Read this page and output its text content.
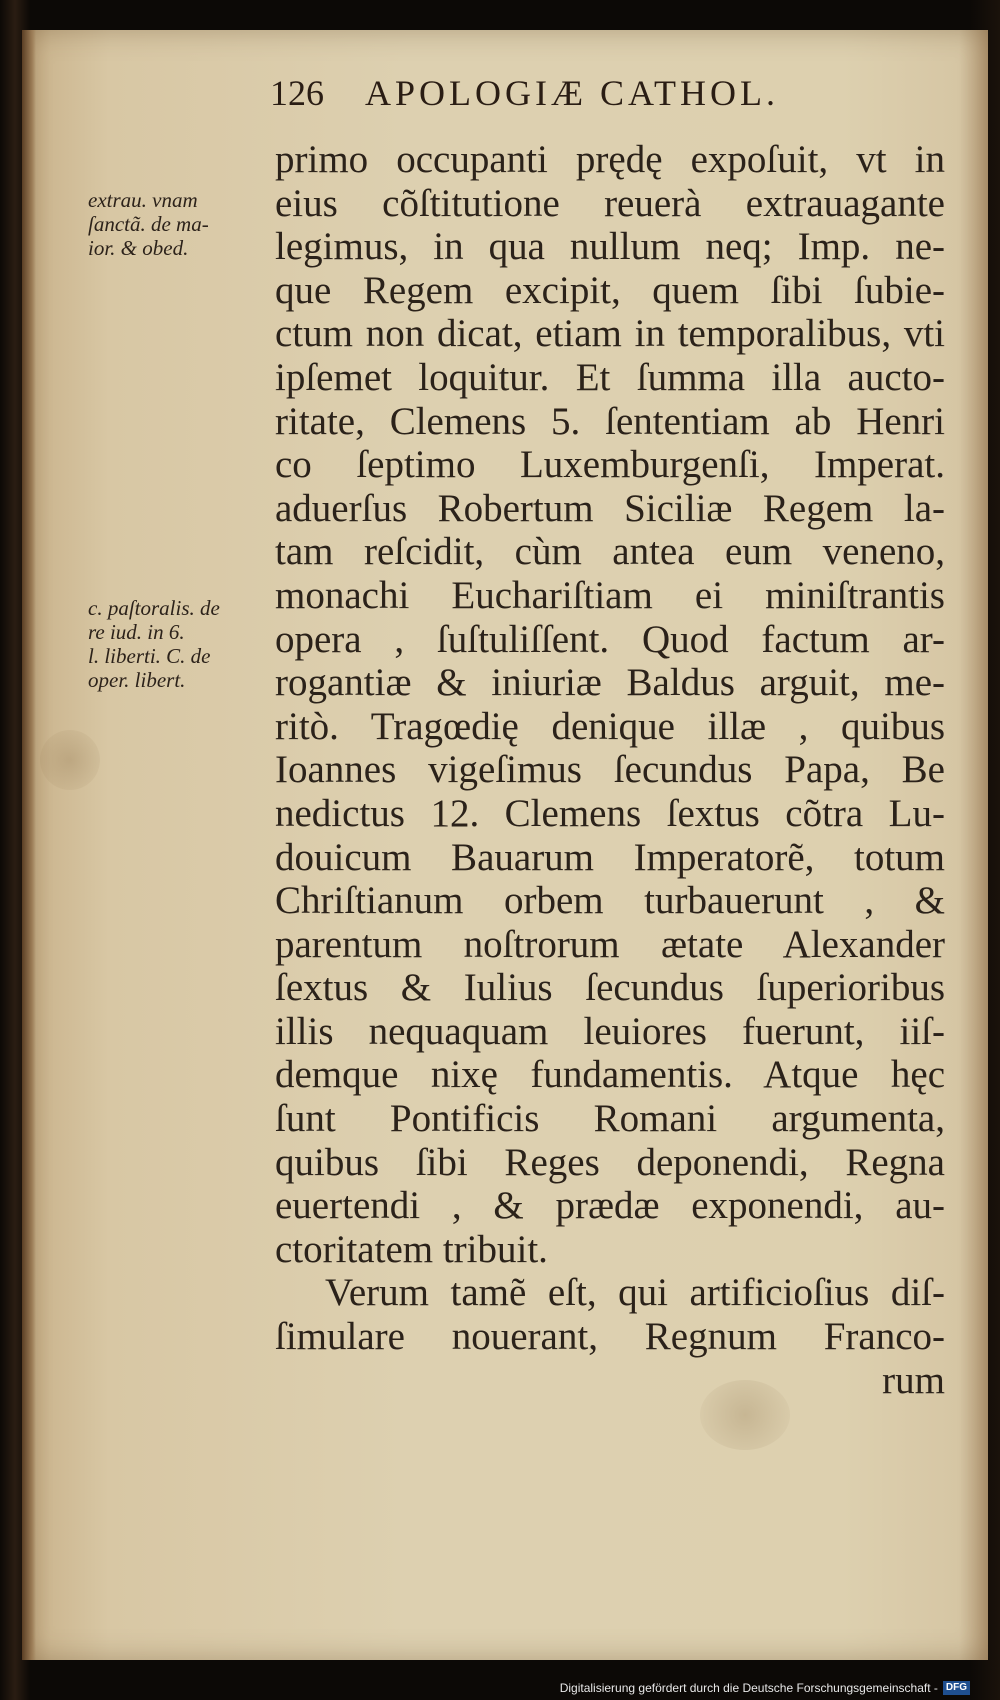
126 APOLOGIÆ CATHOL.
extrau. vnam
ſanctã. de ma-
ior. & obed.
c. paſtoralis. de
re iud. in 6.
l. liberti. C. de
oper. libert.
primo occupanti prędę expoſuit, vt in
eius cõſtitutione reuerà extrauagante
legimus, in qua nullum neq; Imp. ne-
que Regem excipit, quem ſibi ſubie-
ctum non dicat, etiam in temporalibus, vti
ipſemet loquitur. Et ſumma illa aucto-
ritate, Clemens 5. ſententiam ab Henri
co ſeptimo Luxemburgenſi, Imperat.
aduerſus Robertum Siciliæ Regem la-
tam reſcidit, cùm antea eum veneno,
monachi Euchariſtiam ei miniſtrantis
opera , ſuſtuliſſent. Quod factum ar-
rogantiæ & iniuriæ Baldus arguit, me-
ritò. Tragœdię denique illæ , quibus
Ioannes vigeſimus ſecundus Papa, Be
nedictus 12. Clemens ſextus cõtra Lu-
douicum Bauarum Imperatorẽ, totum
Chriſtianum orbem turbauerunt , &
parentum noſtrorum ætate Alexander
ſextus & Iulius ſecundus ſuperioribus
illis nequaquam leuiores fuerunt, iiſ-
demque nixę fundamentis. Atque hęc
ſunt Pontificis Romani argumenta,
quibus ſibi Reges deponendi, Regna
euertendi , & prædæ exponendi, au-
ctoritatem tribuit.
Verum tamẽ eſt, qui artificioſius diſ-
ſimulare nouerant, Regnum Franco-
rum
Digitalisierung gefördert durch die Deutsche Forschungsgemeinschaft - DFG
